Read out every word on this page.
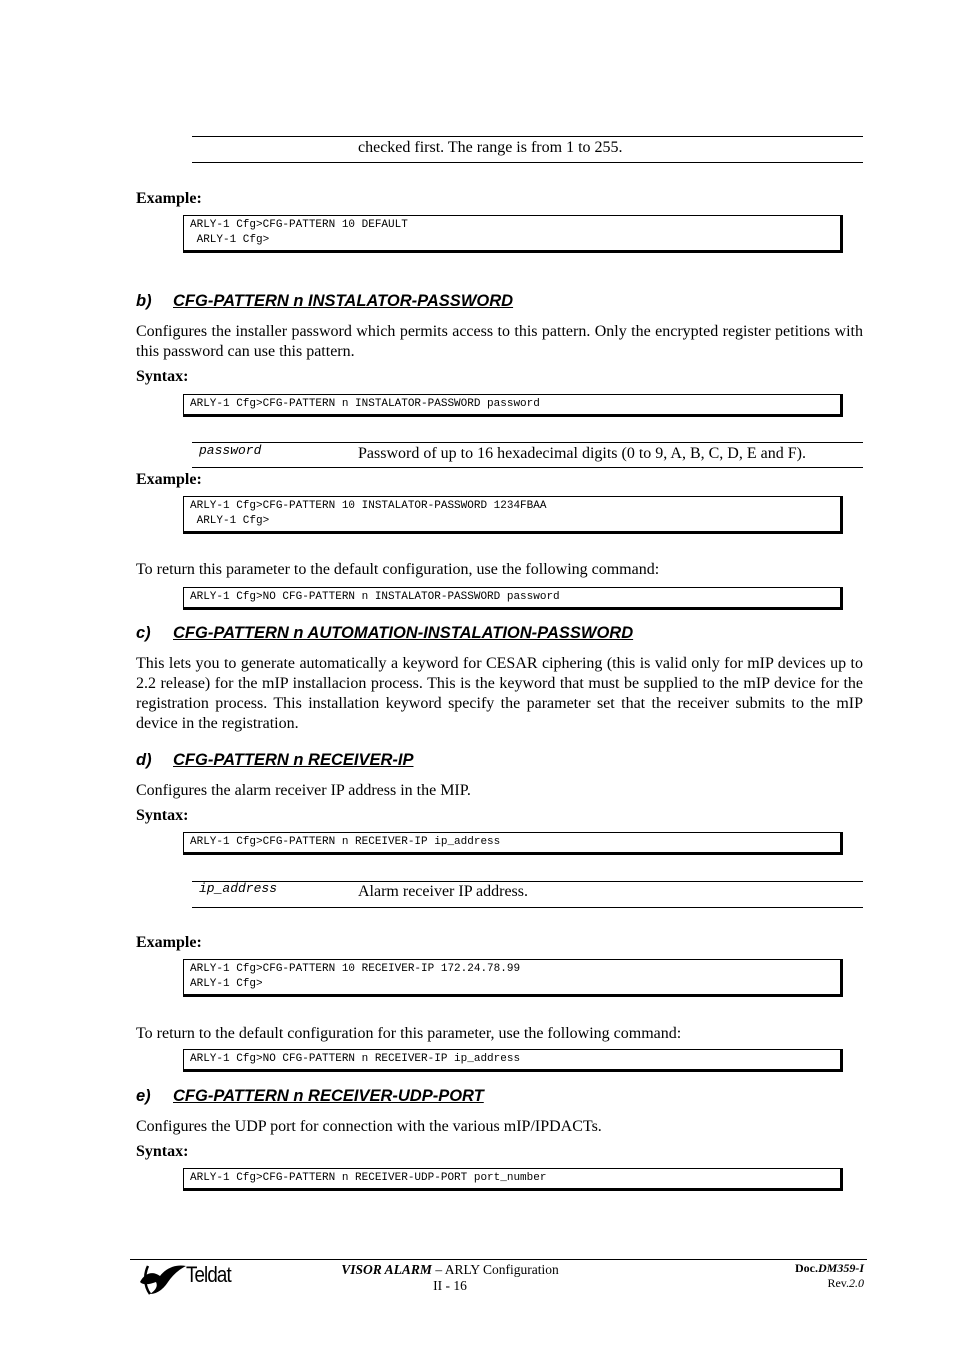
checked first. The range is from 1 to 255.
Example:
ARLY-1 Cfg>CFG-PATTERN 10 DEFAULT
ARLY-1 Cfg>
b) CFG-PATTERN n INSTALATOR-PASSWORD
Configures the installer password which permits access to this pattern. Only the encrypted register petitions with this password can use this pattern.
Syntax:
ARLY-1 Cfg>CFG-PATTERN n INSTALATOR-PASSWORD password
password	Password of up to 16 hexadecimal digits (0 to 9, A, B, C, D, E and F).
Example:
ARLY-1 Cfg>CFG-PATTERN 10 INSTALATOR-PASSWORD 1234FBAA
ARLY-1 Cfg>
To return this parameter to the default configuration, use the following command:
ARLY-1 Cfg>NO CFG-PATTERN n INSTALATOR-PASSWORD password
c) CFG-PATTERN n AUTOMATION-INSTALATION-PASSWORD
This lets you to generate automatically a keyword for CESAR ciphering (this is valid only for mIP devices up to 2.2 release) for the mIP installacion process. This is the keyword that must be supplied to the mIP device for the registration process. This installation keyword specify the parameter set that the receiver submits to the mIP device in the registration.
d) CFG-PATTERN n RECEIVER-IP
Configures the alarm receiver IP address in the MIP.
Syntax:
ARLY-1 Cfg>CFG-PATTERN n RECEIVER-IP ip_address
ip_address	Alarm receiver IP address.
Example:
ARLY-1 Cfg>CFG-PATTERN 10 RECEIVER-IP 172.24.78.99
ARLY-1 Cfg>
To return to the default configuration for this parameter, use the following command:
ARLY-1 Cfg>NO CFG-PATTERN n RECEIVER-IP ip_address
e) CFG-PATTERN n RECEIVER-UDP-PORT
Configures the UDP port for connection with the various mIP/IPDACTs.
Syntax:
ARLY-1 Cfg>CFG-PATTERN n RECEIVER-UDP-PORT port_number
Teldat	VISOR ALARM – ARLY Configuration
II - 16
Doc.DM359-I
Rev.2.0
